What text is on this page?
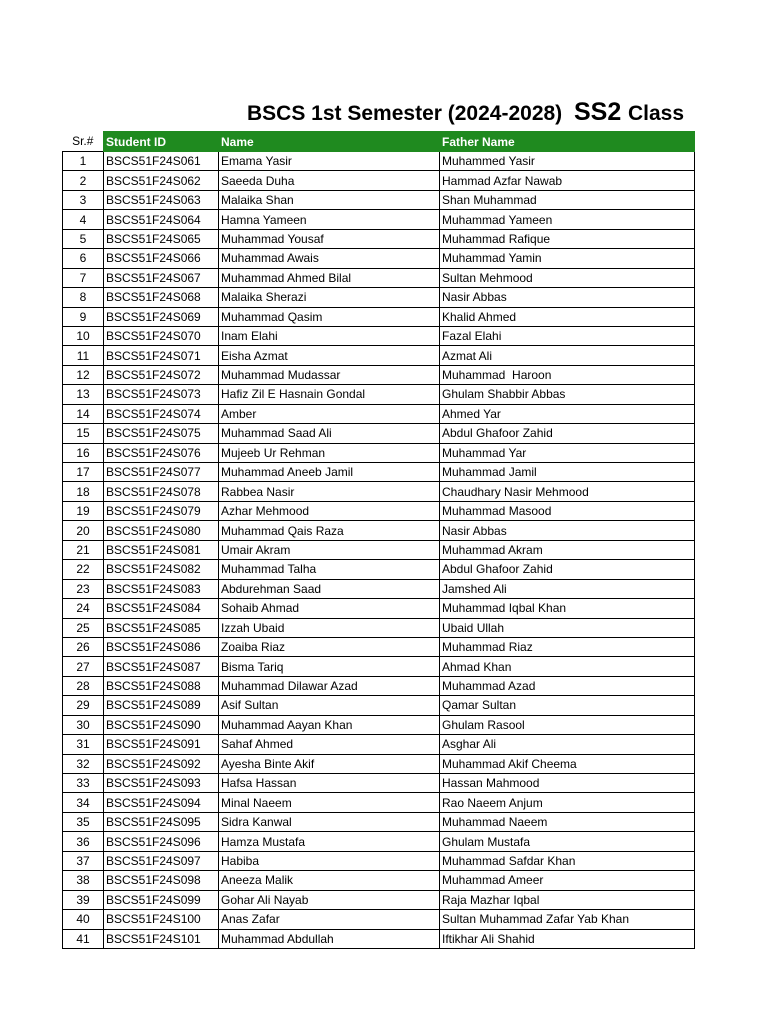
BSCS 1st Semester (2024-2028) SS2 Class
Sr.#	Student ID	Name	Father Name
1	BSCS51F24S061	Emama Yasir	Muhammed Yasir
2	BSCS51F24S062	Saeeda Duha	Hammad Azfar Nawab
3	BSCS51F24S063	Malaika Shan	Shan Muhammad
4	BSCS51F24S064	Hamna Yameen	Muhammad Yameen
5	BSCS51F24S065	Muhammad Yousaf	Muhammad Rafique
6	BSCS51F24S066	Muhammad Awais	Muhammad Yamin
7	BSCS51F24S067	Muhammad Ahmed Bilal	Sultan Mehmood
8	BSCS51F24S068	Malaika Sherazi	Nasir Abbas
9	BSCS51F24S069	Muhammad Qasim	Khalid Ahmed
10	BSCS51F24S070	Inam Elahi	Fazal Elahi
11	BSCS51F24S071	Eisha Azmat	Azmat Ali
12	BSCS51F24S072	Muhammad Mudassar	Muhammad  Haroon
13	BSCS51F24S073	Hafiz Zil E Hasnain Gondal	Ghulam Shabbir Abbas
14	BSCS51F24S074	Amber	Ahmed Yar
15	BSCS51F24S075	Muhammad Saad Ali	Abdul Ghafoor Zahid
16	BSCS51F24S076	Mujeeb Ur Rehman	Muhammad Yar
17	BSCS51F24S077	Muhammad Aneeb Jamil	Muhammad Jamil
18	BSCS51F24S078	Rabbea Nasir	Chaudhary Nasir Mehmood
19	BSCS51F24S079	Azhar Mehmood	Muhammad Masood
20	BSCS51F24S080	Muhammad Qais Raza	Nasir Abbas
21	BSCS51F24S081	Umair Akram	Muhammad Akram
22	BSCS51F24S082	Muhammad Talha	Abdul Ghafoor Zahid
23	BSCS51F24S083	Abdurehman Saad	Jamshed Ali
24	BSCS51F24S084	Sohaib Ahmad	Muhammad Iqbal Khan
25	BSCS51F24S085	Izzah Ubaid	Ubaid Ullah
26	BSCS51F24S086	Zoaiba Riaz	Muhammad Riaz
27	BSCS51F24S087	Bisma Tariq	Ahmad Khan
28	BSCS51F24S088	Muhammad Dilawar Azad	Muhammad Azad
29	BSCS51F24S089	Asif Sultan	Qamar Sultan
30	BSCS51F24S090	Muhammad Aayan Khan	Ghulam Rasool
31	BSCS51F24S091	Sahaf Ahmed	Asghar Ali
32	BSCS51F24S092	Ayesha Binte Akif	Muhammad Akif Cheema
33	BSCS51F24S093	Hafsa Hassan	Hassan Mahmood
34	BSCS51F24S094	Minal Naeem	Rao Naeem Anjum
35	BSCS51F24S095	Sidra Kanwal	Muhammad Naeem
36	BSCS51F24S096	Hamza Mustafa	Ghulam Mustafa
37	BSCS51F24S097	Habiba	Muhammad Safdar Khan
38	BSCS51F24S098	Aneeza Malik	Muhammad Ameer
39	BSCS51F24S099	Gohar Ali Nayab	Raja Mazhar Iqbal
40	BSCS51F24S100	Anas Zafar	Sultan Muhammad Zafar Yab Khan
41	BSCS51F24S101	Muhammad Abdullah	Iftikhar Ali Shahid
